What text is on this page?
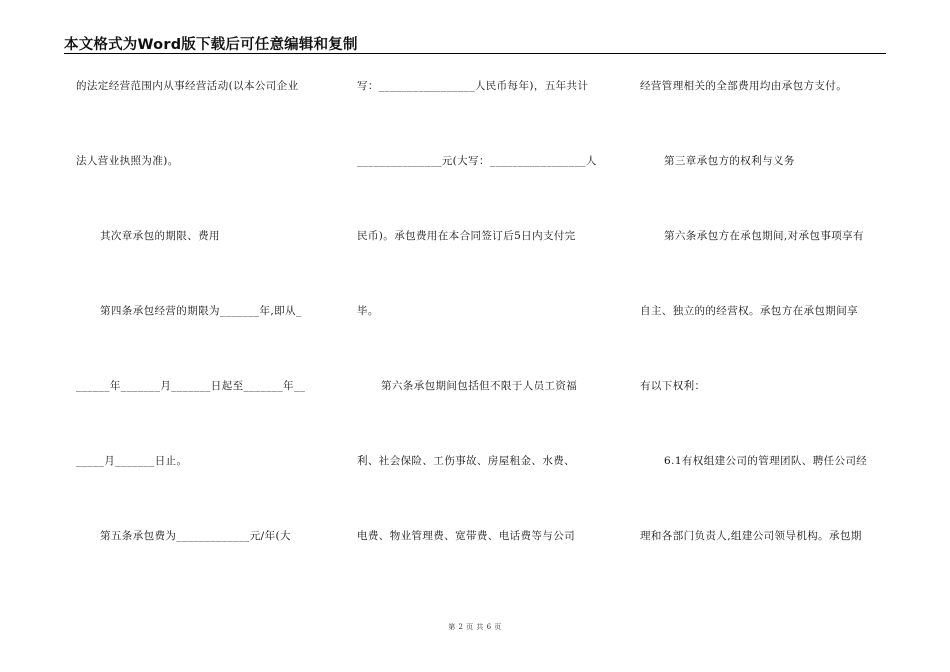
本文格式为Word版下载后可任意编辑和复制
的法定经营范围内从事经营活动(以本公司企业
法人营业执照为准)。
其次章承包的期限、费用
第四条承包经营的期限为_______年,即从_
______年_______月_______日起至_______年__
_____月_______日止。
第五条承包费为_____________元/年(大
写：_________________人民币每年)，五年共计
_______________元(大写：_________________人
民币)。承包费用在本合同签订后5日内支付完
毕。
第六条承包期间包括但不限于人员工资福
利、社会保险、工伤事故、房屋租金、水费、
电费、物业管理费、宽带费、电话费等与公司
经营管理相关的全部费用均由承包方支付。
第三章承包方的权利与义务
第六条承包方在承包期间,对承包事项享有
自主、独立的的经营权。承包方在承包期间享
有以下权利：
6.1有权组建公司的管理团队、聘任公司经
理和各部门负责人,组建公司领导机构。承包期
第 2 页 共 6 页
